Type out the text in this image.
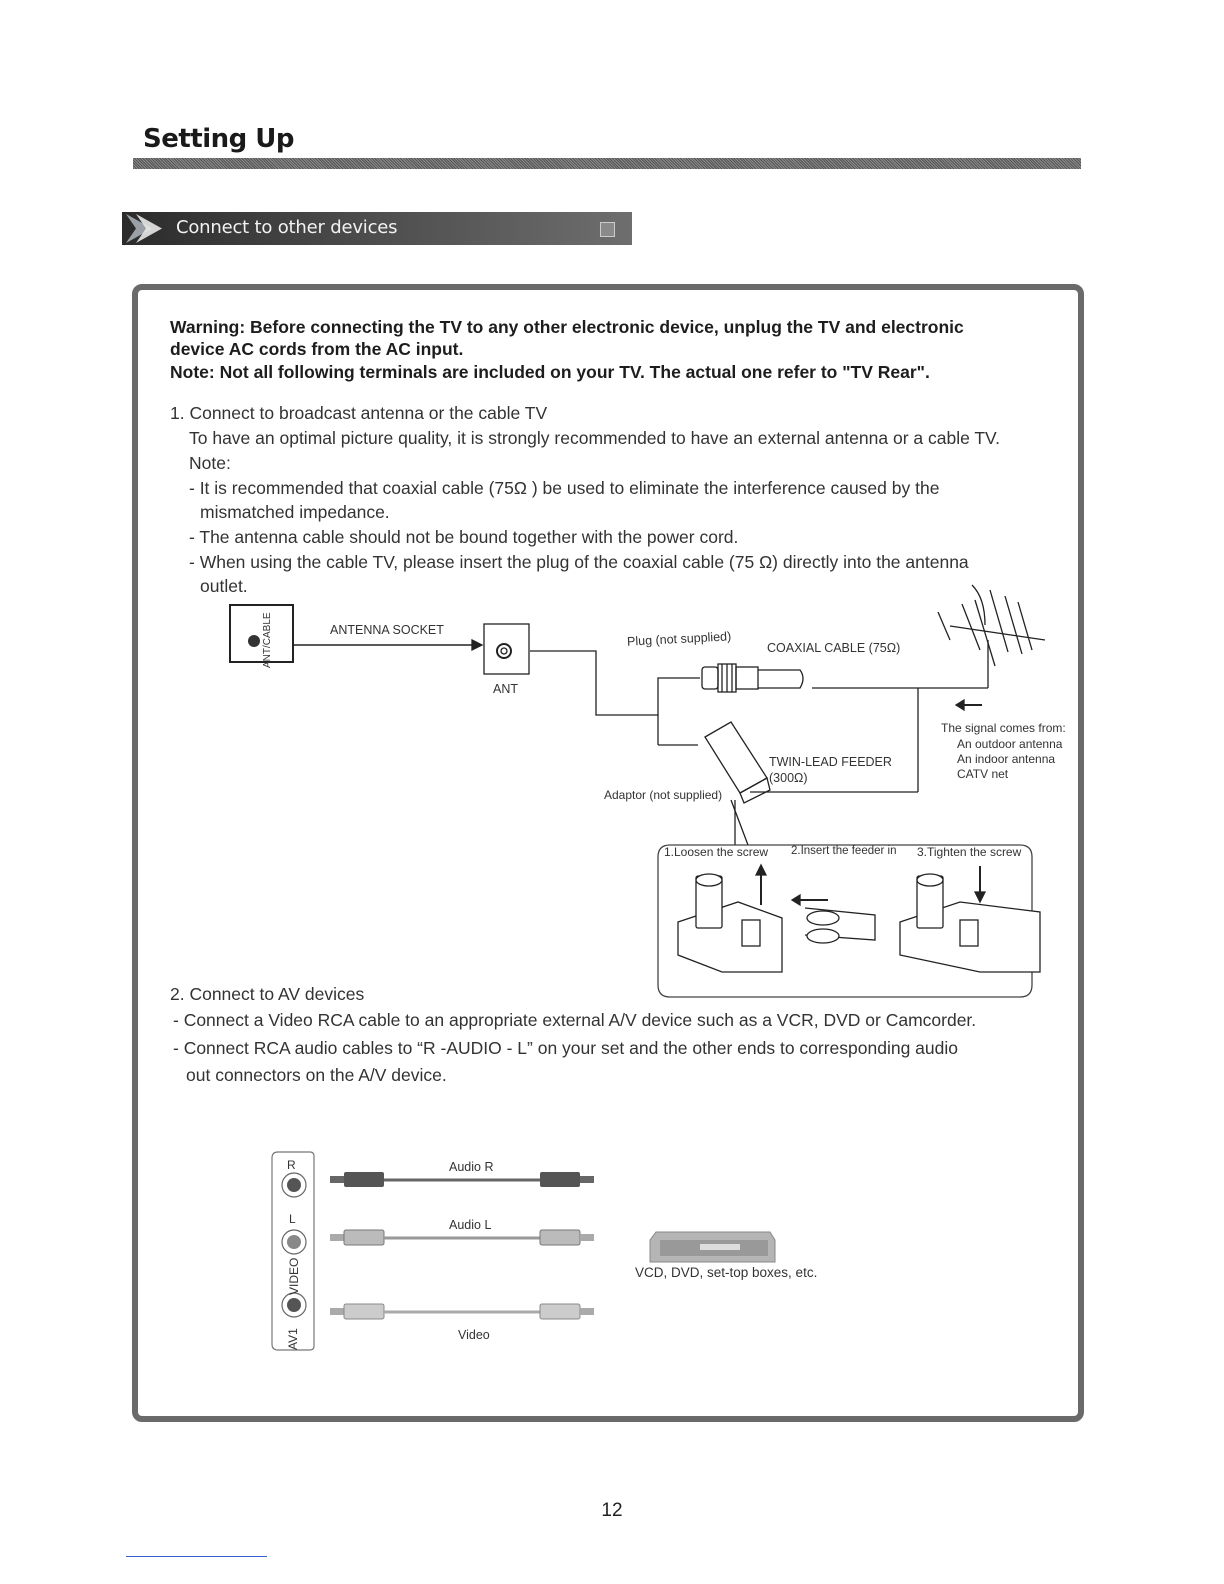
Setting Up
Connect to other devices
Warning: Before connecting the TV to any other electronic device, unplug the TV and electronic
device AC cords from the AC input.
Note: Not all following terminals are included on your TV. The actual one refer to "TV Rear".
1. Connect to broadcast antenna or the cable TV
To have an optimal picture quality, it is strongly recommended to have an external antenna or a cable TV.
Note:
- It is recommended that coaxial cable (75Ω ) be used to eliminate the interference caused by the
mismatched impedance.
- The antenna cable should not be bound together with the power cord.
- When using the cable TV, please insert the plug of the coaxial cable (75 Ω) directly into the antenna
outlet.
ANT/CABLE	ANTENNA SOCKET
ANT
Plug (not supplied)	COAXIAL CABLE (75Ω)
The signal comes from:
An outdoor antenna
An indoor antenna
CATV net
TWIN-LEAD FEEDER
(300Ω)
Adaptor (not supplied)
1.Loosen the screw 2.Insert the feeder in 3.Tighten the screw
2. Connect to AV devices
- Connect a Video RCA cable to an appropriate external A/V device such as a VCR, DVD or Camcorder.
- Connect RCA audio cables to “R -AUDIO - L” on your set and the other ends to corresponding audio
out connectors on the A/V device.
R
L
VIDEO
AV1
Audio R
Audio L
Video
VCD, DVD, set-top boxes, etc.
12
